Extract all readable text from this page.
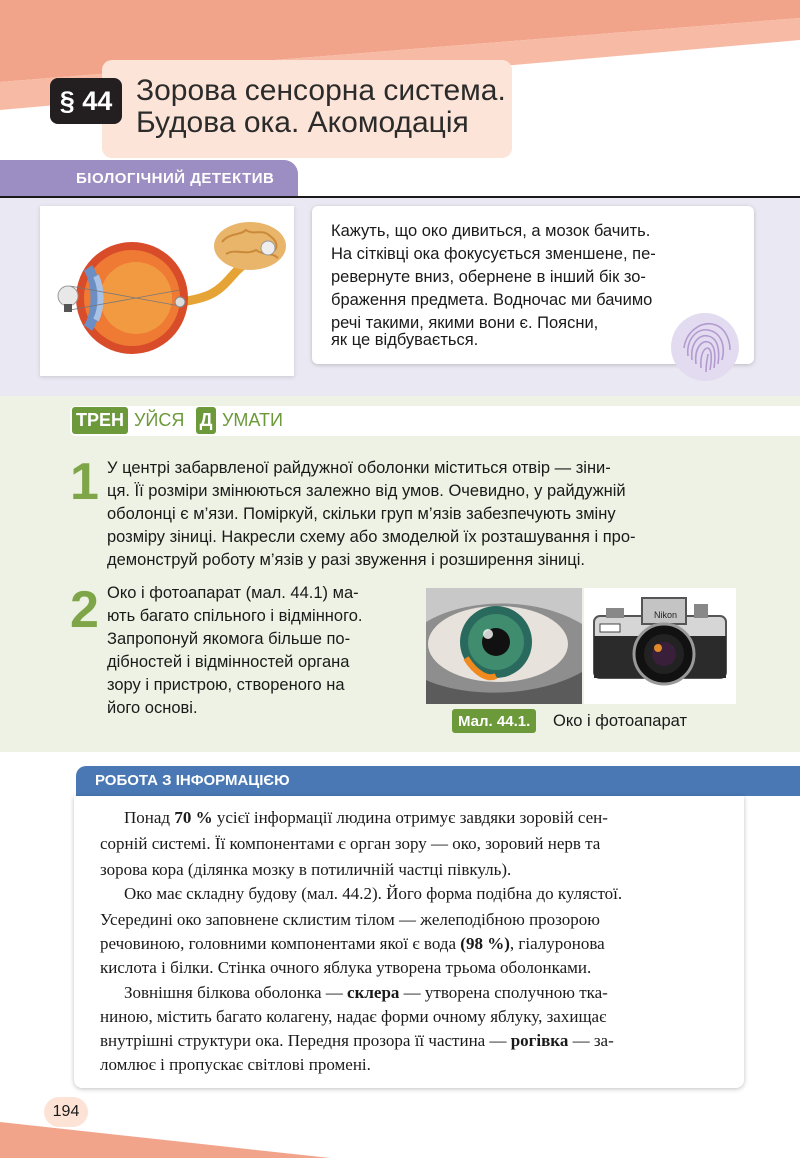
§ 44 Зорова сенсорна система.
Будова ока. Акомодація
БІОЛОГІЧНИЙ ДЕТЕКТИВ
Кажуть, що око дивиться, а мозок бачить.
На сітківці ока фокусується зменшене, пе-
ревернуте вниз, обернене в інший бік зо-
браження предмета. Водночас ми бачимо
речі такими, якими вони є. Поясни,
як це відбувається.
ТРЕН УЙСЯ Д УМАТИ
1 У центрі забарвленої райдужної оболонки міститься отвір — зіни-
ця. Її розміри змінюються залежно від умов. Очевидно, у райдужній
оболонці є м’язи. Поміркуй, скільки груп м’язів забезпечують зміну
розміру зіниці. Накресли схему або змоделюй їх розташування і про-
демонструй роботу м’язів у разі звуження і розширення зіниці.
2 Око і фотоапарат (мал. 44.1) ма-
ють багато спільного і відмінного.
Запропонуй якомога більше по-
дібностей і відмінностей органа
зору і пристрою, створеного на
його основі.
Nikon
Мал. 44.1.	Око і фотоапарат
РОБОТА З ІНФОРМАЦІЄЮ
Понад 70 % усієї інформації людина отримує завдяки зоровій сен-
сорній системі. Її компонентами є орган зору — око, зоровий нерв та
зорова кора (ділянка мозку в потиличній частці півкуль).
Око має складну будову (мал. 44.2). Його форма подібна до кулястої.
Усередині око заповнене склистим тілом — желеподібною прозорою
речовиною, головними компонентами якої є вода (98 %), гіалуронова
кислота і білки. Стінка очного яблука утворена трьома оболонками.
Зовнішня білкова оболонка — склера — утворена сполучною тка-
ниною, містить багато колагену, надає форми очному яблуку, захищає
внутрішні структури ока. Передня прозора її частина — рогівка — за-
ломлює і пропускає світлові промені.
194
